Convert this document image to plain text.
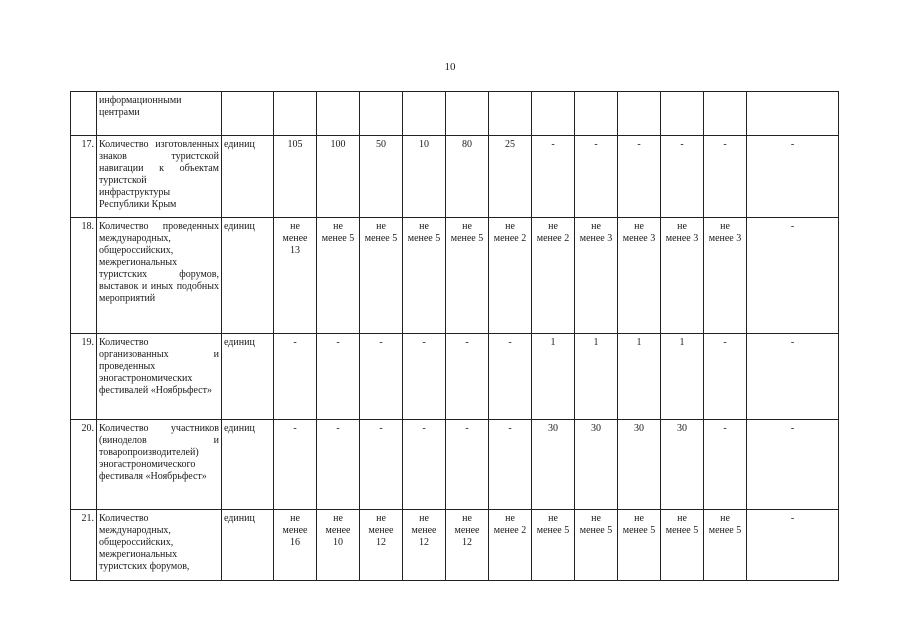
10

	информационными
центрами														

17.	Количество изготовленных знаков туристской навигации к объектам туристской инфраструктуры Республики Крым	единиц	105	100	50	10	80	25	-	-	-	-	-	-	

18.	Количество проведенных международных, общероссийских, межрегиональных туристских форумов, выставок и иных подобных мероприятий	единиц	не
менее
13	не
менее 5	не
менее 5	не
менее 5	не
менее 5	не
менее 2	не
менее 2	не
менее 3	не
менее 3	не
менее 3	не
менее 3	-	

19.	Количество организованных и проведенных эногастрономических фестивалей «Ноябрьфест»	единиц	-	-	-	-	-	-	1	1	1	1	-	-	

20.	Количество участников (виноделов и товаропроизводителей) эногастрономического фестиваля «Ноябрьфест»	единиц	-	-	-	-	-	-	30	30	30	30	-	-	

21.	Количество международных, общероссийских, межрегиональных туристских форумов,	единиц	не
менее
16	не
менее
10	не
менее
12	не
менее
12	не
менее
12	не
менее 2	не
менее 5	не
менее 5	не
менее 5	не
менее 5	не
менее 5	-	
